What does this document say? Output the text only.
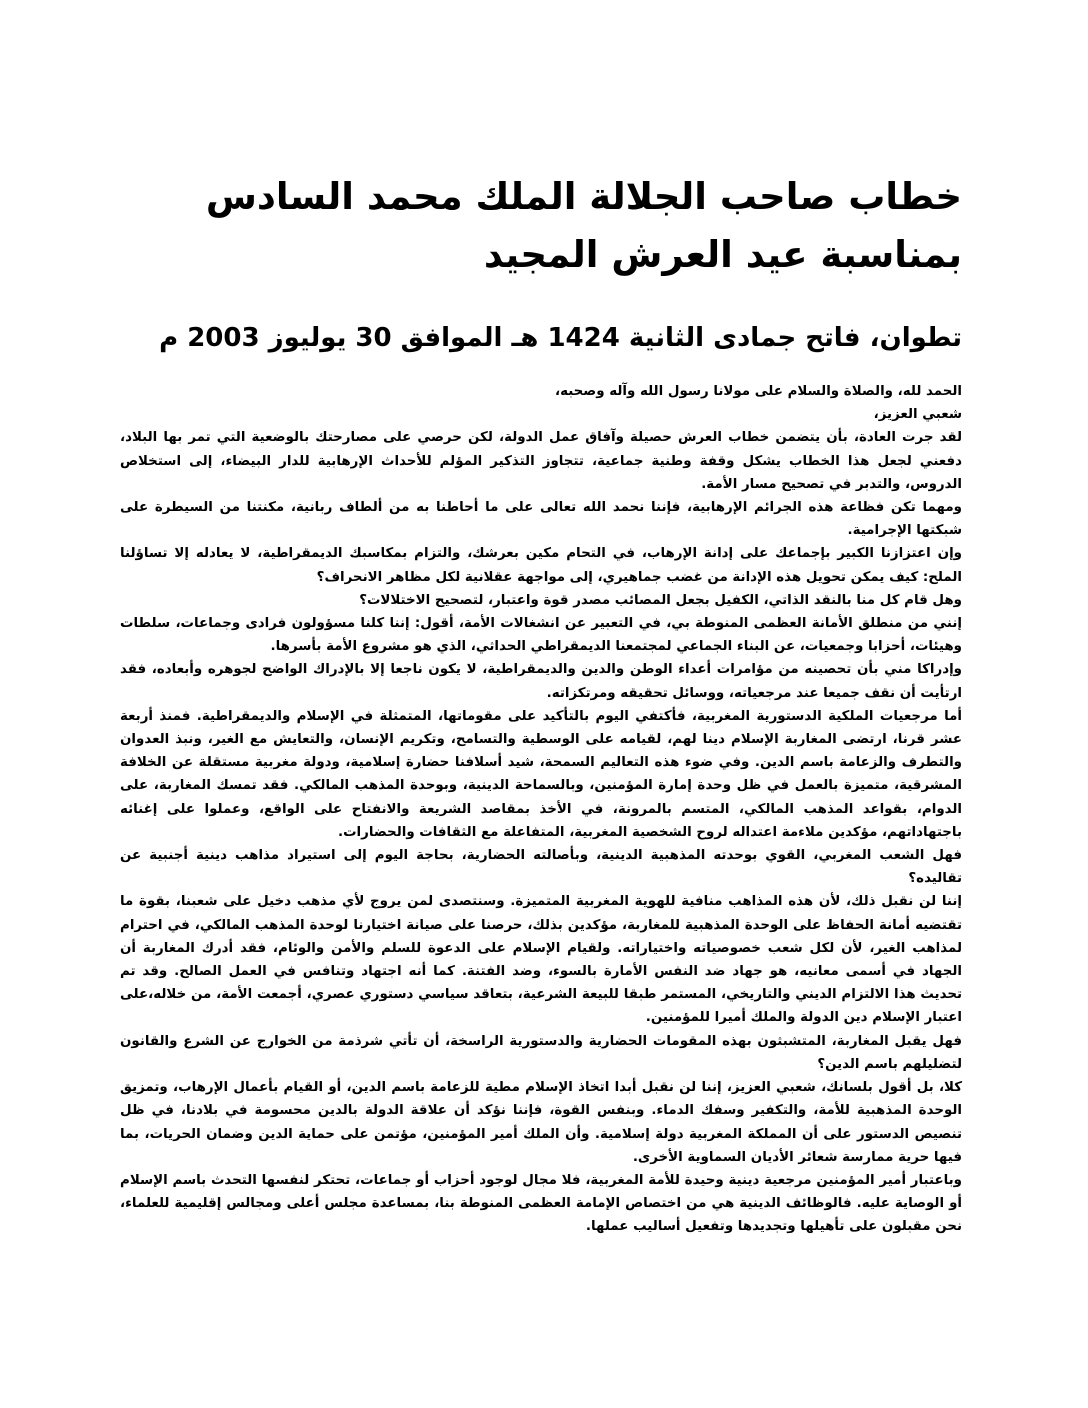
خطاب صاحب الجلالة الملك محمد السادس بمناسبة عيد العرش المجيد
تطوان، فاتح جمادى الثانية 1424 هـ الموافق 30 يوليوز 2003 م

الحمد لله، والصلاة والسلام على مولانا رسول الله وآله وصحبه،

شعبي العزيز،

لقد جرت العادة، بأن يتضمن خطاب العرش حصيلة وآفاق عمل الدولة، لكن حرصي على مصارحتك بالوضعية التي تمر بها البلاد، دفعني لجعل هذا الخطاب يشكل وقفة وطنية جماعية، تتجاوز التذكير المؤلم للأحداث الإرهابية للدار البيضاء، إلى استخلاص الدروس، والتدبر في تصحيح مسار الأمة.

ومهما تكن فظاعة هذه الجرائم الإرهابية، فإننا نحمد الله تعالى على ما أحاطنا به من ألطاف ربانية، مكنتنا من السيطرة على شبكتها الإجرامية.

وإن اعتزازنا الكبير بإجماعك على إدانة الإرهاب، في التحام مكين بعرشك، والتزام بمكاسبك الديمقراطية، لا يعادله إلا تساؤلنا الملح: كيف يمكن تحويل هذه الإدانة من غضب جماهيري، إلى مواجهة عقلانية لكل مظاهر الانحراف؟

وهل قام كل منا بالنقد الذاتي، الكفيل بجعل المصائب مصدر قوة واعتبار، لتصحيح الاختلالات؟

إنني من منطلق الأمانة العظمى المنوطة بي، في التعبير عن انشغالات الأمة، أقول: إننا كلنا مسؤولون فرادى وجماعات، سلطات وهيئات، أحزابا وجمعيات، عن البناء الجماعي لمجتمعنا الديمقراطي الحداثي، الذي هو مشروع الأمة بأسرها.

وإدراكا مني بأن تحصينه من مؤامرات أعداء الوطن والدين والديمقراطية، لا يكون ناجعا إلا بالإدراك الواضح لجوهره وأبعاده، فقد ارتأيت أن نقف جميعا عند مرجعياته، ووسائل تحقيقه ومرتكزاته.

أما مرجعيات الملكية الدستورية المغربية، فأكتفي اليوم بالتأكيد على مقوماتها، المتمثلة في الإسلام والديمقراطية. فمنذ أربعة عشر قرنا، ارتضى المغاربة الإسلام دينا لهم، لقيامه على الوسطية والتسامح، وتكريم الإنسان، والتعايش مع الغير، ونبذ العدوان والتطرف والزعامة باسم الدين. وفي ضوء هذه التعاليم السمحة، شيد أسلافنا حضارة إسلامية، ودولة مغربية مستقلة عن الخلافة المشرقية، متميزة بالعمل في ظل وحدة إمارة المؤمنين، وبالسماحة الدينية، وبوحدة المذهب المالكي. فقد تمسك المغاربة، على الدوام، بقواعد المذهب المالكي، المتسم بالمرونة، في الأخذ بمقاصد الشريعة والانفتاح على الواقع، وعملوا على إغنائه باجتهاداتهم، مؤكدين ملاءمة اعتداله لروح الشخصية المغربية، المتفاعلة مع الثقافات والحضارات.

فهل الشعب المغربي، القوي بوحدته المذهبية الدينية، وبأصالته الحضارية، بحاجة اليوم إلى استيراد مذاهب دينية أجنبية عن تقاليده؟

إننا لن نقبل ذلك، لأن هذه المذاهب منافية للهوية المغربية المتميزة. وسنتصدى لمن يروج لأي مذهب دخيل على شعبنا، بقوة ما تقتضيه أمانة الحفاظ على الوحدة المذهبية للمغاربة، مؤكدين بذلك، حرصنا على صيانة اختيارنا لوحدة المذهب المالكي، في احترام لمذاهب الغير، لأن لكل شعب خصوصياته واختياراته. ولقيام الإسلام على الدعوة للسلم والأمن والوئام، فقد أدرك المغاربة أن الجهاد في أسمى معانيه، هو جهاد ضد النفس الأمارة بالسوء، وضد الفتنة. كما أنه اجتهاد وتنافس في العمل الصالح. وقد تم تحديث هذا الالتزام الديني والتاريخي، المستمر طبقا للبيعة الشرعية، بتعاقد سياسي دستوري عصري، أجمعت الأمة، من خلاله،على اعتبار الإسلام دين الدولة والملك أميرا للمؤمنين.

فهل يقبل المغاربة، المتشبثون بهذه المقومات الحضارية والدستورية الراسخة، أن تأتي شرذمة من الخوارج عن الشرع والقانون لتضليلهم باسم الدين؟

كلا، بل أقول بلسانك، شعبي العزيز، إننا لن نقبل أبدا اتخاذ الإسلام مطية للزعامة باسم الدين، أو القيام بأعمال الإرهاب، وتمزيق الوحدة المذهبية للأمة، والتكفير وسفك الدماء. وبنفس القوة، فإننا نؤكد أن علاقة الدولة بالدين محسومة في بلادنا، في ظل تنصيص الدستور على أن المملكة المغربية دولة إسلامية. وأن الملك أمير المؤمنين، مؤتمن على حماية الدين وضمان الحريات، بما فيها حرية ممارسة شعائر الأديان السماوية الأخرى.

وباعتبار أمير المؤمنين مرجعية دينية وحيدة للأمة المغربية، فلا مجال لوجود أحزاب أو جماعات، تحتكر لنفسها التحدث باسم الإسلام أو الوصاية عليه. فالوظائف الدينية هي من اختصاص الإمامة العظمى المنوطة بنا، بمساعدة مجلس أعلى ومجالس إقليمية للعلماء، نحن مقبلون على تأهيلها وتجديدها وتفعيل أساليب عملها.
